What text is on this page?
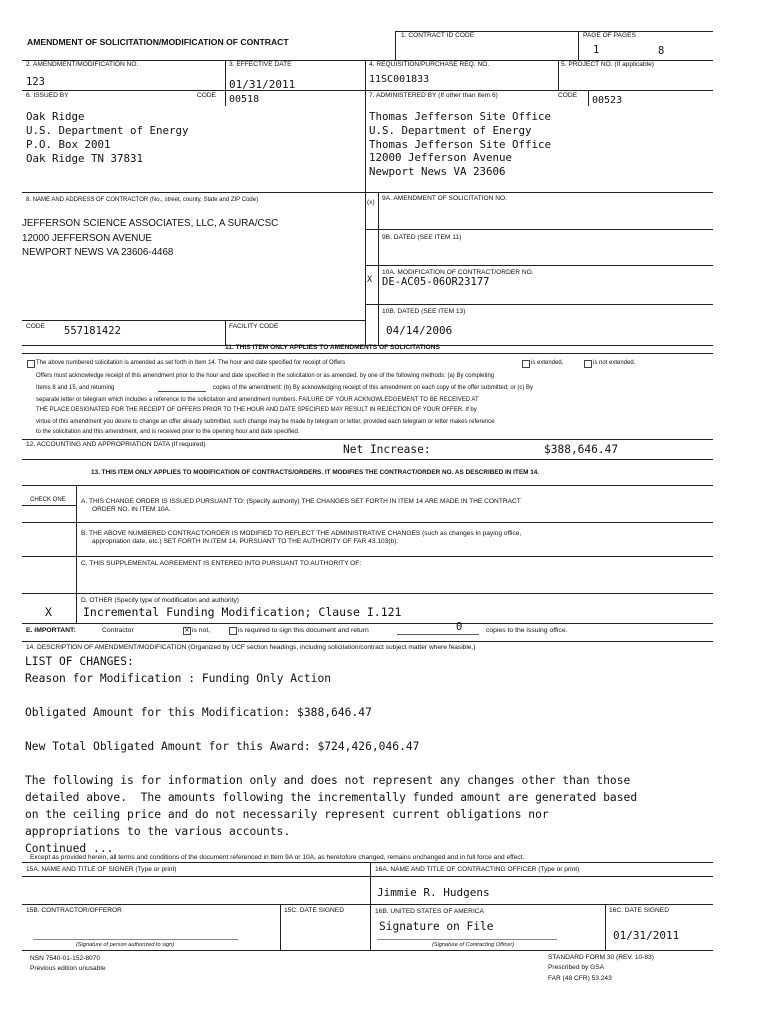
AMENDMENT OF SOLICITATION/MODIFICATION OF CONTRACT
1. CONTRACT ID CODE	PAGE OF PAGES
1	8
2. AMENDMENT/MODIFICATION NO.
123
3. EFFECTIVE DATE
01/31/2011
4. REQUISITION/PURCHASE REQ. NO.
11SC001833
5. PROJECT NO. (If applicable)
6. ISSUED BY	CODE 00518
Oak Ridge
U.S. Department of Energy
P.O. Box 2001
Oak Ridge TN 37831
7. ADMINISTERED BY (If other than Item 6)	CODE 00523
Thomas Jefferson Site Office
U.S. Department of Energy
Thomas Jefferson Site Office
12000 Jefferson Avenue
Newport News VA 23606
8. NAME AND ADDRESS OF CONTRACTOR (No., street, county, State and ZIP Code)
JEFFERSON SCIENCE ASSOCIATES, LLC, A SURA/CSC
12000 JEFFERSON AVENUE
NEWPORT NEWS VA 23606-4468
(x)
9A. AMENDMENT OF SOLICITATION NO.
9B. DATED (SEE ITEM 11)
X
10A. MODIFICATION OF CONTRACT/ORDER NO.
DE-AC05-06OR23177
10B. DATED (SEE ITEM 13)
04/14/2006
CODE 557181422	FACILITY CODE
11. THIS ITEM ONLY APPLIES TO AMENDMENTS OF SOLICITATIONS
The above numbered solicitation is amended as set forth in Item 14. The hour and date specified for receipt of Offers	is extended,	is not extended.
Offers must acknowledge receipt of this amendment prior to the hour and date specified in the solicitation or as amended, by one of the following methods: (a) By completing
Items 8 and 15, and returning	copies of the amendment; (b) By acknowledging receipt of this amendment on each copy of the offer submitted; or (c) By
separate letter or telegram which includes a reference to the solicitation and amendment numbers. FAILURE OF YOUR ACKNOWLEDGEMENT TO BE RECEIVED AT
THE PLACE DESIGNATED FOR THE RECEIPT OF OFFERS PRIOR TO THE HOUR AND DATE SPECIFIED MAY RESULT IN REJECTION OF YOUR OFFER. If by
virtue of this amendment you desire to change an offer already submitted, such change may be made by telegram or letter, provided each telegram or letter makes reference
to the solicitation and this amendment, and is received prior to the opening hour and date specified.
12. ACCOUNTING AND APPROPRIATION DATA (If required)	Net Increase:	$388,646.47
13. THIS ITEM ONLY APPLIES TO MODIFICATION OF CONTRACTS/ORDERS. IT MODIFIES THE CONTRACT/ORDER NO. AS DESCRIBED IN ITEM 14.
CHECK ONE A. THIS CHANGE ORDER IS ISSUED PURSUANT TO: (Specify authority) THE CHANGES SET FORTH IN ITEM 14 ARE MADE IN THE CONTRACT
ORDER NO. IN ITEM 10A.
B. THE ABOVE NUMBERED CONTRACT/ORDER IS MODIFIED TO REFLECT THE ADMINISTRATIVE CHANGES (such as changes in paying office,
appropriation date, etc.) SET FORTH IN ITEM 14, PURSUANT TO THE AUTHORITY OF FAR 43.103(b).
C. THIS SUPPLEMENTAL AGREEMENT IS ENTERED INTO PURSUANT TO AUTHORITY OF:
D. OTHER (Specify type of modification and authority)
X	Incremental Funding Modification; Clause I.121
E. IMPORTANT:	Contractor	✕ is not,	is required to sign this document and return	0	copies to the issuing office.
14. DESCRIPTION OF AMENDMENT/MODIFICATION (Organized by UCF section headings, including solicitation/contract subject matter where feasible.)
LIST OF CHANGES:
Reason for Modification : Funding Only Action

Obligated Amount for this Modification: $388,646.47

New Total Obligated Amount for this Award: $724,426,046.47

The following is for information only and does not represent any changes other than those
detailed above.  The amounts following the incrementally funded amount are generated based
on the ceiling price and do not necessarily represent current obligations nor
appropriations to the various accounts.
Continued ...
Except as provided herein, all terms and conditions of the document referenced in Item 9A or 10A, as heretofore changed, remains unchanged and in full force and effect.
15A. NAME AND TITLE OF SIGNER (Type or print)	16A. NAME AND TITLE OF CONTRACTING OFFICER (Type or print)
Jimmie R. Hudgens
15B. CONTRACTOR/OFFEROR	15C. DATE SIGNED	16B. UNITED STATES OF AMERICA
Signature on File
16C. DATE SIGNED
01/31/2011
(Signature of person authorized to sign)	(Signature of Contracting Officer)
NSN 7540-01-152-8070
Previous edition unusable
STANDARD FORM 30 (REV. 10-83)
Prescribed by GSA
FAR (48 CFR) 53.243
